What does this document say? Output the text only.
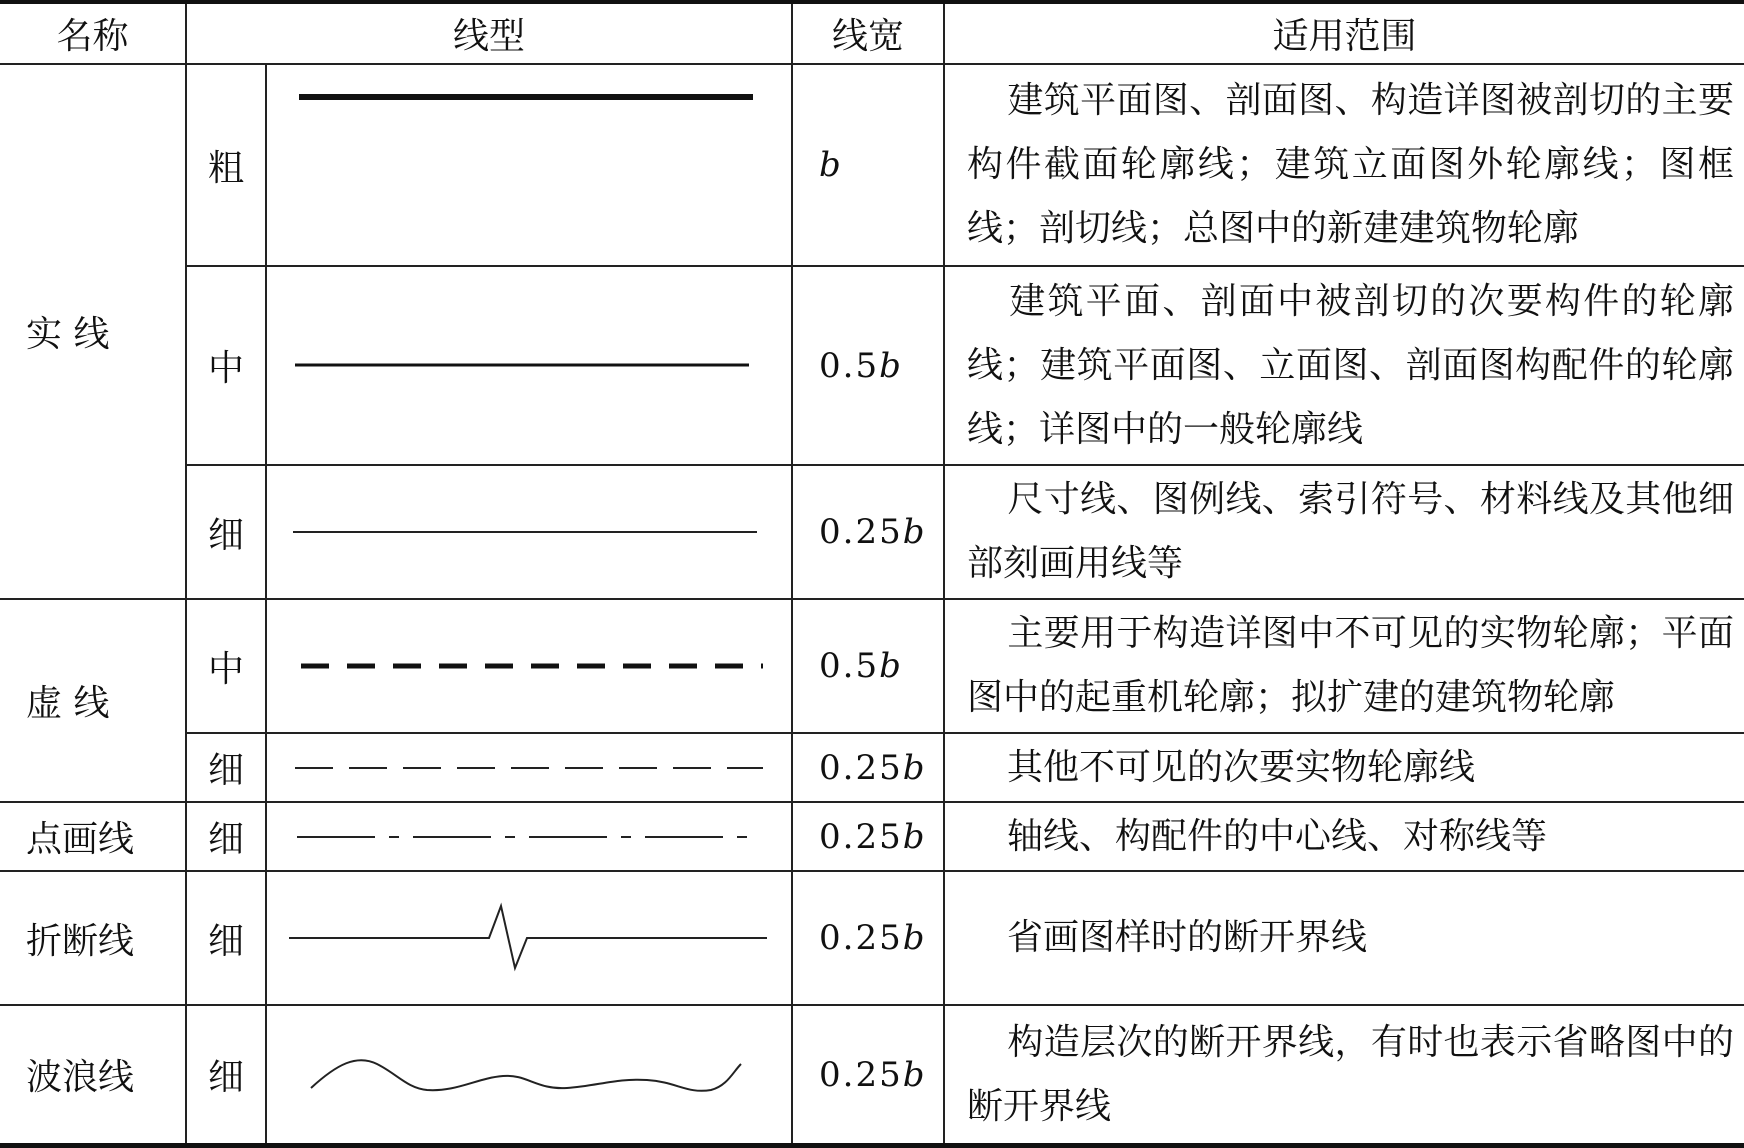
名称	线型		线宽	适用范围
实 线	粗		b	建筑平面图、剖面图、构造详图被剖切的主要构件截面轮廓线；建筑立面图外轮廓线；图框线；剖切线；总图中的新建建筑物轮廓
	中		0.5b	建筑平面、剖面中被剖切的次要构件的轮廓线；建筑平面图、立面图、剖面图构配件的轮廓线；详图中的一般轮廓线
	细		0.25b	尺寸线、图例线、索引符号、材料线及其他细部刻画用线等
虚 线	中		0.5b	主要用于构造详图中不可见的实物轮廓；平面图中的起重机轮廓；拟扩建的建筑物轮廓
	细		0.25b	其他不可见的次要实物轮廓线
点画线	细		0.25b	轴线、构配件的中心线、对称线等
折断线	细		0.25b	省画图样时的断开界线
波浪线	细		0.25b	构造层次的断开界线，有时也表示省略图中的断开界线
